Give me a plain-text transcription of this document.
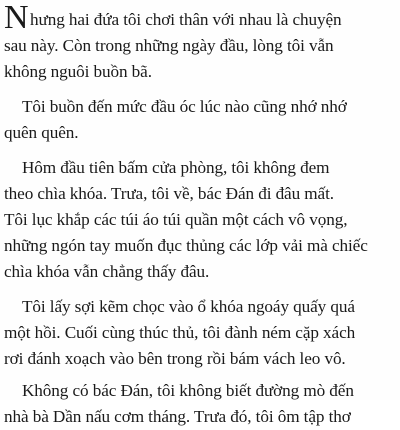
N hưng hai đứa tôi chơi thân với nhau là chuyện
sau này. Còn trong những ngày đầu, lòng tôi vẫn
không nguôi buồn bã.
Tôi buồn đến mức đầu óc lúc nào cũng nhớ nhớ
quên quên.
Hôm đầu tiên bấm cửa phòng, tôi không đem
theo chìa khóa. Trưa, tôi về, bác Đán đi đâu mất.
Tôi lục khắp các túi áo túi quần một cách vô vọng,
những ngón tay muốn đục thủng các lớp vải mà chiếc
chìa khóa vẫn chẳng thấy đâu.
Tôi lấy sợi kẽm chọc vào ổ khóa ngoáy quấy quá
một hồi. Cuối cùng thúc thủ, tôi đành ném cặp xách
rơi đánh xoạch vào bên trong rồi bám vách leo vô.
Không có bác Đán, tôi không biết đường mò đến
nhà bà Dần nấu cơm tháng. Trưa đó, tôi ôm tập thơ
